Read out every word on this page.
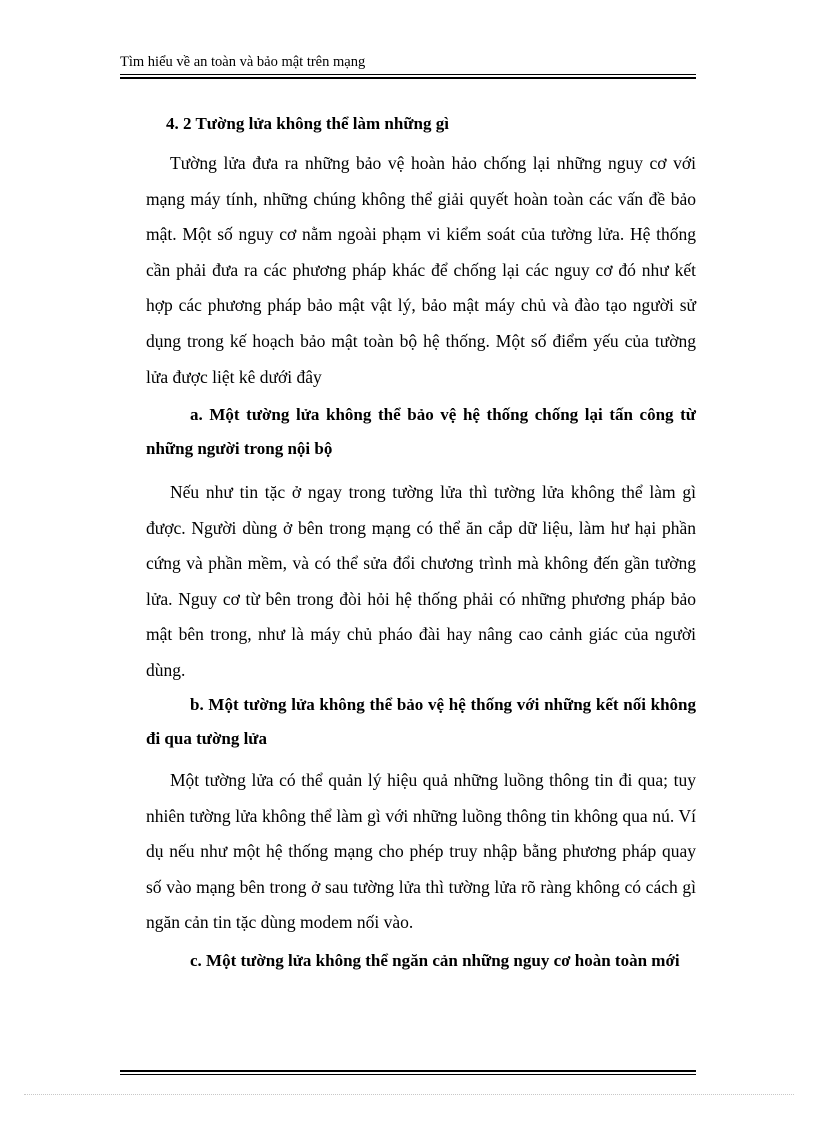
Tìm hiểu về an toàn và bảo mật trên mạng
4. 2 Tường lửa không thể làm những gì

Tường lửa đưa ra những bảo vệ hoàn hảo chống lại những nguy cơ với mạng máy tính, những chúng không thể giải quyết hoàn toàn các vấn đề bảo mật. Một số nguy cơ nằm ngoài phạm vi kiểm soát của tường lửa. Hệ thống cần phải đưa ra các phương pháp khác để chống lại các nguy cơ đó như kết hợp các phương pháp bảo mật vật lý, bảo mật máy chủ và đào tạo người sử dụng trong kế hoạch bảo mật toàn bộ hệ thống. Một số điểm yếu của tường lửa được liệt kê dưới đây

a. Một tường lửa không thể bảo vệ hệ thống chống lại tấn công từ những người trong nội bộ

Nếu như tin tặc ở ngay trong tường lửa thì tường lửa không thể làm gì được. Người dùng ở bên trong mạng có thể ăn cắp dữ liệu, làm hư hại phần cứng và phần mềm, và có thể sửa đổi chương trình mà không đến gần tường lửa. Nguy cơ từ bên trong đòi hỏi hệ thống phải có những phương pháp bảo mật bên trong, như là máy chủ pháo đài hay nâng cao cảnh giác của người dùng.

b. Một tường lửa không thể bảo vệ hệ thống với những kết nối không đi qua tường lửa

Một tường lửa có thể quản lý hiệu quả những luồng thông tin đi qua; tuy nhiên tường lửa không thể làm gì với những luồng thông tin không qua nú. Ví dụ nếu như một hệ thống mạng cho phép truy nhập bằng phương pháp quay số vào mạng bên trong ở sau tường lửa thì tường lửa rõ ràng không có cách gì ngăn cản tin tặc dùng modem nối vào.

c. Một tường lửa không thể ngăn cản những nguy cơ hoàn toàn mới
